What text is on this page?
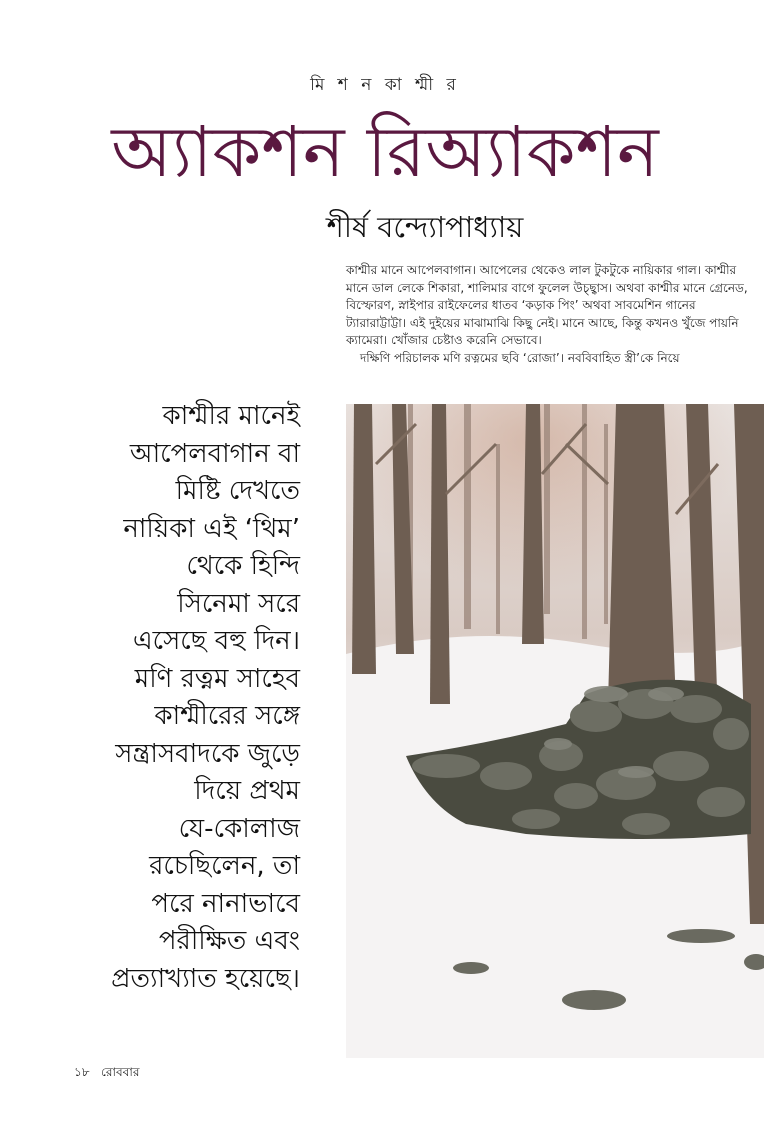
মি শ ন কা শ্মী র
অ্যাকশন রিঅ্যাকশন
শীর্ষ বন্দ্যোপাধ্যায়

কাশ্মীর মানে আপেলবাগান। আপেলের থেকেও লাল টুকটুকে নায়িকার গাল। কাশ্মীর মানে ডাল লেকে শিকারা, শালিমার বাগে ফুলেল উচ্ছ্বাস। অথবা কাশ্মীর মানে গ্রেনেড, বিস্ফোরণ, স্নাইপার রাইফেলের ধাতব ‘কড়াক পিং’ অথবা সাবমেশিন গানের ট্যারারাট্টাট্টা। এই দুইয়ের মাঝামাঝি কিছু নেই। মানে আছে, কিন্তু কখনও খুঁজে পায়নি ক্যামেরা। খোঁজার চেষ্টাও করেনি সেভাবে।

দক্ষিণি পরিচালক মণি রত্নমের ছবি ‘রোজা’। নববিবাহিত স্ত্রী’কে নিয়ে

কাশ্মীর মানেই
আপেলবাগান বা
মিষ্টি দেখতে
নায়িকা এই ‘থিম’
থেকে হিন্দি
সিনেমা সরে
এসেছে বহু দিন।
মণি রত্নম সাহেব
কাশ্মীরের সঙ্গে
সন্ত্রাসবাদকে জুড়ে
দিয়ে প্রথম
যে-কোলাজ
রচেছিলেন, তা
পরে নানাভাবে
পরীক্ষিত এবং
প্রত্যাখ্যাত হয়েছে।
১৮ রোববার
